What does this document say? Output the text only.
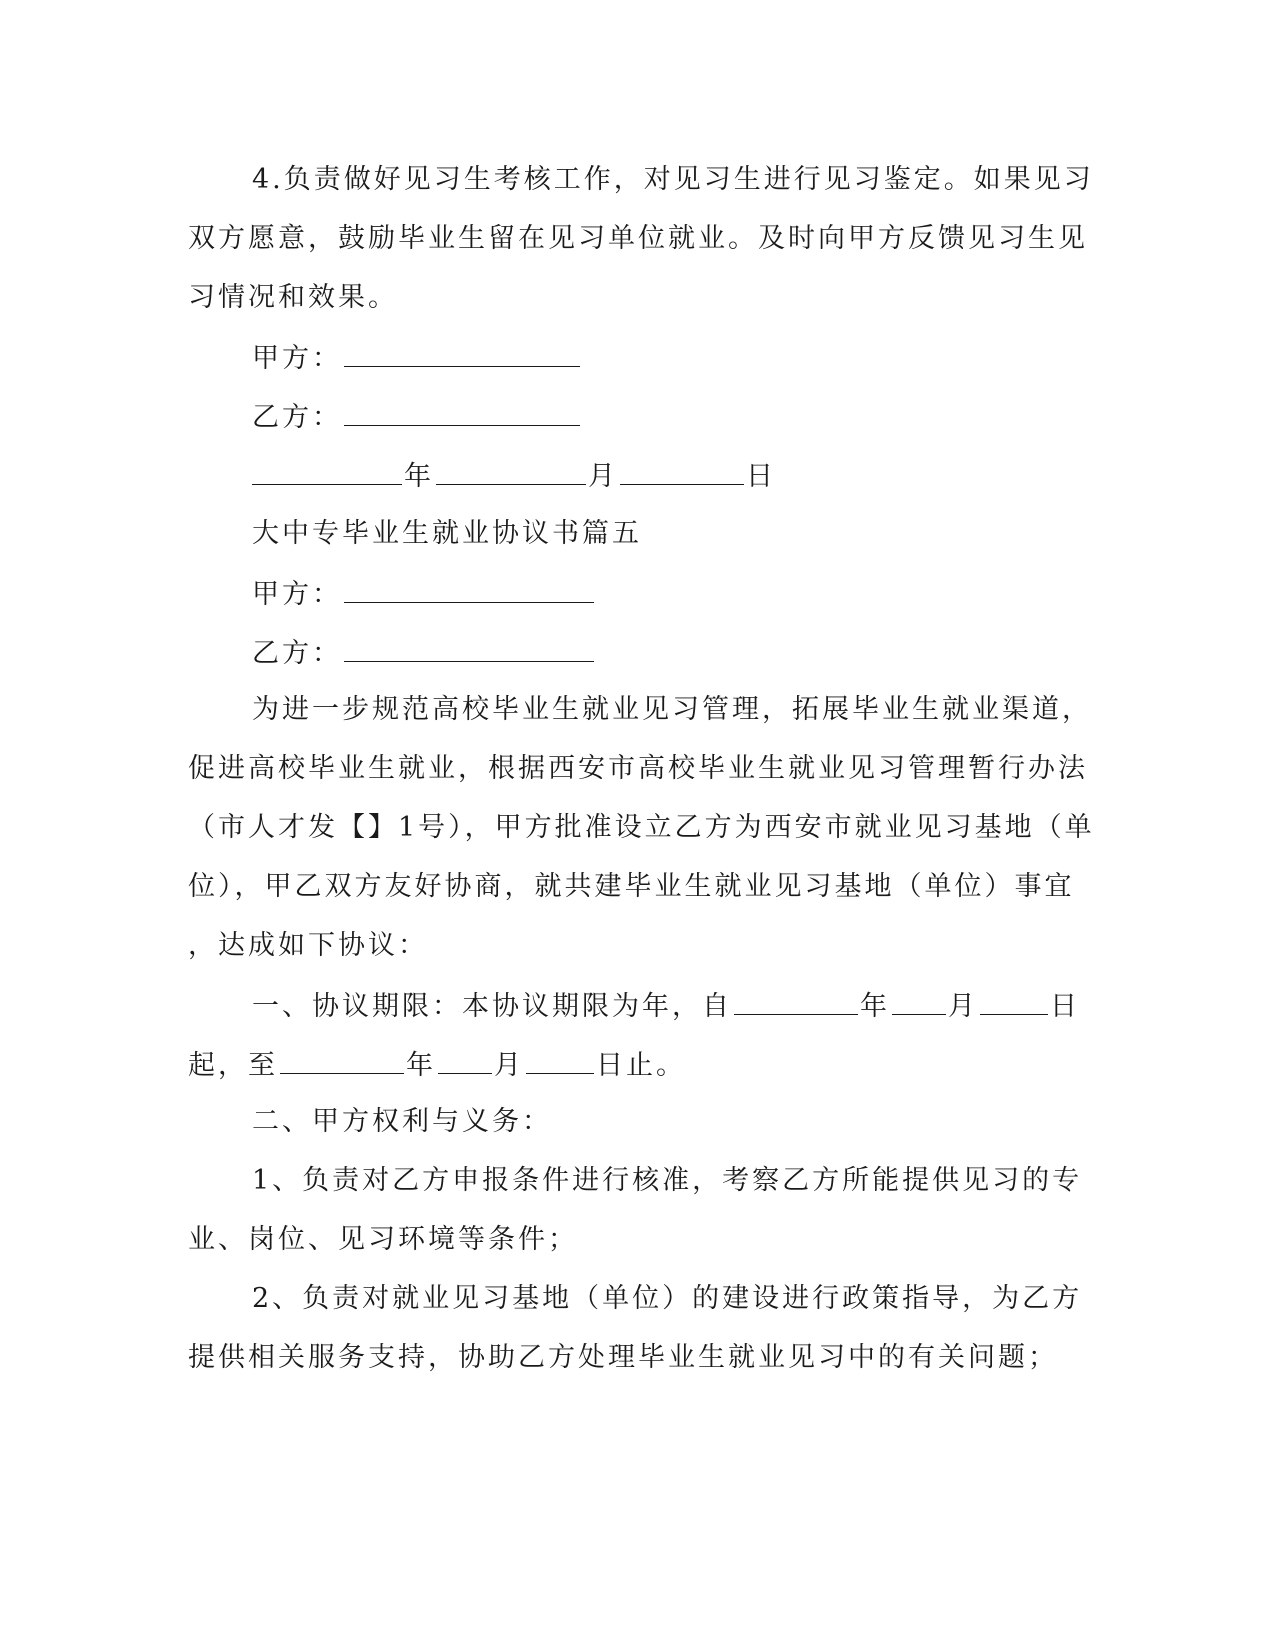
4.负责做好见习生考核工作，对见习生进行见习鉴定。如果见习
双方愿意，鼓励毕业生留在见习单位就业。及时向甲方反馈见习生见
习情况和效果。
甲方：
乙方：
年	月	日
大中专毕业生就业协议书篇五
甲方：
乙方：
为进一步规范高校毕业生就业见习管理，拓展毕业生就业渠道，
促进高校毕业生就业，根据西安市高校毕业生就业见习管理暂行办法
（市人才发【】1号），甲方批准设立乙方为西安市就业见习基地（单
位），甲乙双方友好协商，就共建毕业生就业见习基地（单位）事宜
，达成如下协议：
一、协议期限：本协议期限为年，自	年 月	日
起，至	年 月	日止。
二、甲方权利与义务：
1、负责对乙方申报条件进行核准，考察乙方所能提供见习的专
业、岗位、见习环境等条件；
2、负责对就业见习基地（单位）的建设进行政策指导，为乙方
提供相关服务支持，协助乙方处理毕业生就业见习中的有关问题；
